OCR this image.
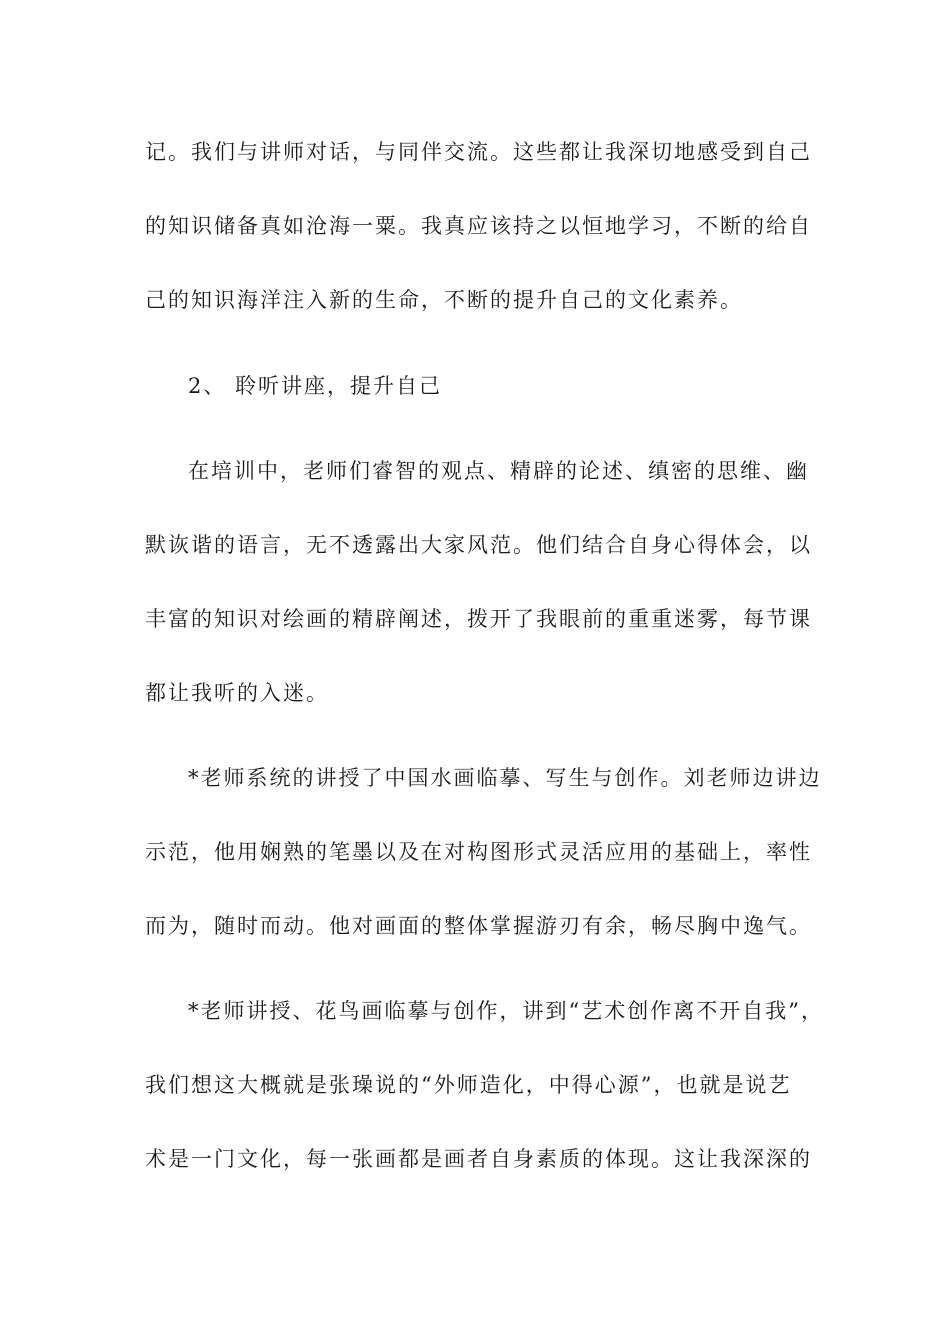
记。我们与讲师对话，与同伴交流。这些都让我深切地感受到自己

的知识储备真如沧海一粟。我真应该持之以恒地学习，不断的给自

己的知识海洋注入新的生命，不断的提升自己的文化素养。

2、 聆听讲座，提升自己

在培训中，老师们睿智的观点、精辟的论述、缜密的思维、幽

默诙谐的语言，无不透露出大家风范。他们结合自身心得体会，以

丰富的知识对绘画的精辟阐述，拨开了我眼前的重重迷雾，每节课

都让我听的入迷。

*老师系统的讲授了中国水画临摹、写生与创作。刘老师边讲边

示范，他用娴熟的笔墨以及在对构图形式灵活应用的基础上，率性

而为，随时而动。他对画面的整体掌握游刃有余，畅尽胸中逸气。

*老师讲授、花鸟画临摹与创作，讲到“艺术创作离不开自我”，

我们想这大概就是张璪说的“外师造化，中得心源”，也就是说艺

术是一门文化，每一张画都是画者自身素质的体现。这让我深深的
